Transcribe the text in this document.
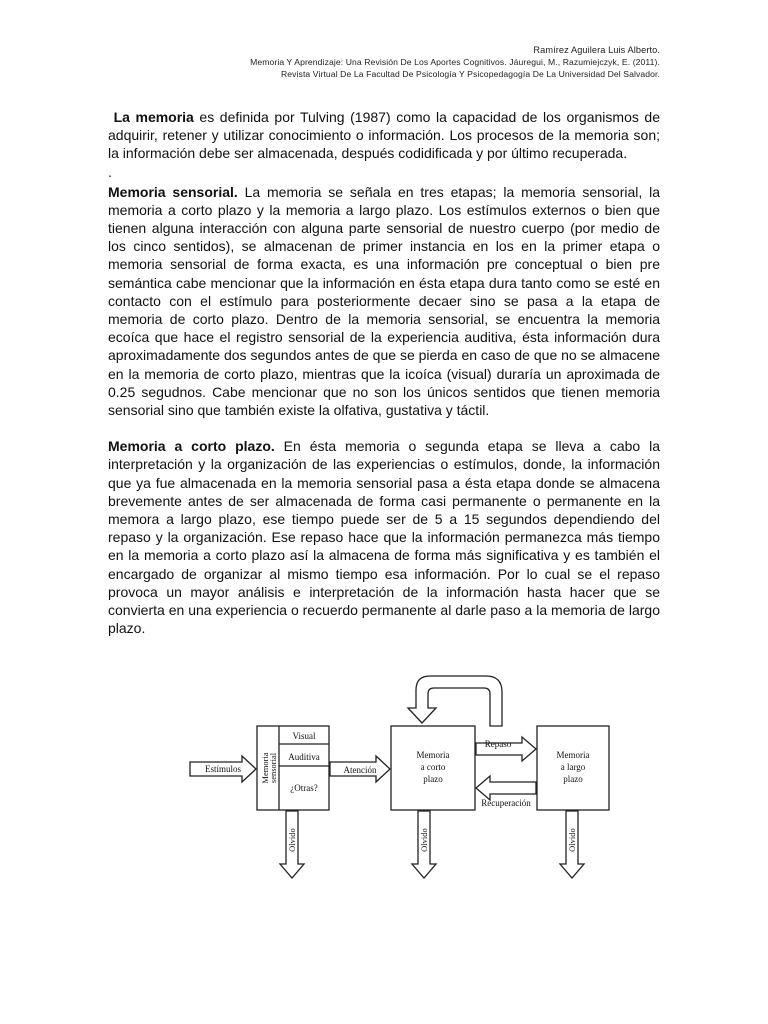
Ramírez Aguilera Luis Alberto.
Memoria Y Aprendizaje: Una Revisión De Los Aportes Cognitivos. Jáuregui, M., Razumiejczyk, E. (2011).
Revista Virtual De La Facultad De Psicología Y Psicopedagogía De La Universidad Del Salvador.

La memoria es definida por Tulving (1987) como la capacidad de los organismos de adquirir, retener y utilizar conocimiento o información. Los procesos de la memoria son; la información debe ser almacenada, después codidificada y por último recuperada.

.

Memoria sensorial. La memoria se señala en tres etapas; la memoria sensorial, la memoria a corto plazo y la memoria a largo plazo. Los estímulos externos o bien que tienen alguna interacción con alguna parte sensorial de nuestro cuerpo (por medio de los cinco sentidos), se almacenan de primer instancia en los en la primer etapa o memoria sensorial de forma exacta, es una información pre conceptual o bien pre semántica cabe mencionar que la información en ésta etapa dura tanto como se esté en contacto con el estímulo para posteriormente decaer sino se pasa a la etapa de memoria de corto plazo. Dentro de la memoria sensorial, se encuentra la memoria ecoíca que hace el registro sensorial de la experiencia auditiva, ésta información dura aproximadamente dos segundos antes de que se pierda en caso de que no se almacene en la memoria de corto plazo, mientras que la icoíca (visual) duraría un aproximada de 0.25 segudnos. Cabe mencionar que no son los únicos sentidos que tienen memoria sensorial sino que también existe la olfativa, gustativa y táctil.

Memoria a corto plazo. En ésta memoria o segunda etapa se lleva a cabo la interpretación y la organización de las experiencias o estímulos, donde, la información que ya fue almacenada en la memoria sensorial pasa a ésta etapa donde se almacena brevemente antes de ser almacenada de forma casi permanente o permanente en la memora a largo plazo, ese tiempo puede ser de 5 a 15 segundos dependiendo del repaso y la organización. Ese repaso hace que la información permanezca más tiempo en la memoria a corto plazo así la almacena de forma más significativa y es también el encargado de organizar al mismo tiempo esa información. Por lo cual se el repaso provoca un mayor análisis e interpretación de la información hasta hacer que se convierta en una experiencia o recuerdo permanente al darle paso a la memoria de largo plazo.

Estímulos Memoria
sensorial
Visual
Auditiva
¿Otras?
Atención
Memoria
a corto
plazo
Memoria
a largo
plazo
Repaso
Recuperación
Olvido	Olvido	Olvido
